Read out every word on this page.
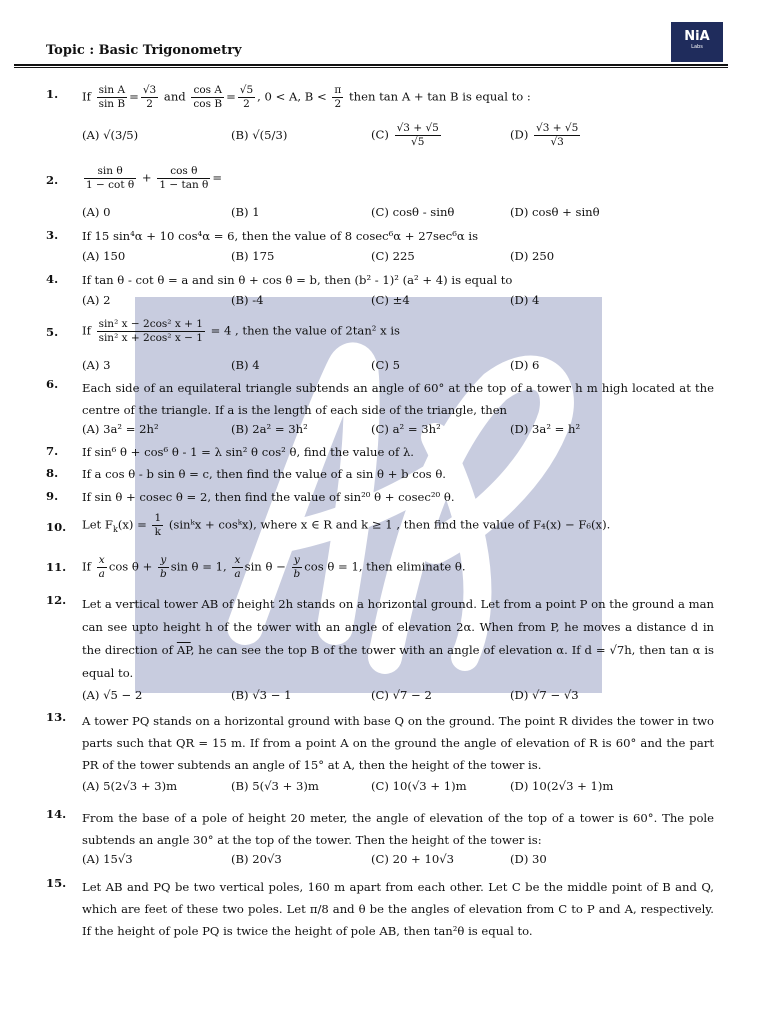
Topic : Basic Trigonometry
NiA
Labs
1.	If $\frac{\text{sin A}}{\text{sin B}} = \frac{√3}{2}$ and $\frac{\text{cos A}}{\text{cos B}} = \frac{√5}{2}$ , 0 < A, $B < \frac{\pi}{2}$ then tan A + tan B is equal to :
(A) √(3/5)	(B) √(5/3)	$(C) \frac{√3 + √5}{√5}$	$(D) \frac{√3 + √5}{√3}$
2.	$\frac{\text{sin θ}}{\text{1 − cot θ}} + \frac{\text{cos θ}}{\text{1 − tan θ}}$ =
(A) 0	(B) 1	(C) cosθ - sinθ	(D) cosθ + sinθ
3.	If 15 sin⁴α + 10 cos⁴α = 6, then the value of 8 cosec⁶α + 27sec⁶α is
(A) 150	(B) 175	(C) 225	(D) 250
4.	If tan θ - cot θ = a and sin θ + cos θ = b, then (b² - 1)² (a² + 4) is equal to
(A) 2	(B) -4	(C) ±4	(D) 4
5.	If $\frac{\text{sin² x − 2cos² x + 1}}{\text{sin² x + 2cos² x − 1}} = 4$ , then the value of 2tan² x is
(A) 3	(B) 4	(C) 5	(D) 6
6.	Each side of an equilateral triangle subtends an angle of 60° at the top of a tower h m high located at the centre of the triangle. If a is the length of each side of the triangle, then
(A) 3a² = 2h²	(B) 2a² = 3h²	(C) a² = 3h²	(D) 3a² = h²
7.	If sin⁶ θ + cos⁶ θ - 1 = λ sin² θ cos² θ, find the value of λ.
8.	If a cos θ - b sin θ = c, then find the value of a sin θ + b cos θ.
9.	If sin θ + cosec θ = 2, then find the value of sin²⁰ θ + cosec²⁰ θ.
10.	Let $F_k(x) = \frac{1}{k}$ (sinᵏx + cosᵏx), where x ∈ R and k ≥ 1 , then find the value of F₄(x) − F₆(x).
11.	If $\frac{x}{a}$ $\cos \theta + \frac{y}{b}$ sin θ = 1, $\frac{x}{a}$ $\sin \theta - \frac{y}{b}$ cos θ = 1, then eliminate θ.
12.	Let a vertical tower AB of height 2h stands on a horizontal ground. Let from a point P on the ground a man can see upto height h of the tower with an angle of elevation 2α. When from P, he moves a distance d in the direction of $\overline{AP}$, he can see the top B of the tower with an angle of elevation α. If d = √7h, then tan α is equal to.
(A) √5 − 2	(B) √3 − 1	(C) √7 − 2	(D) √7 − √3
13.	A tower PQ stands on a horizontal ground with base Q on the ground. The point R divides the tower in two parts such that QR = 15 m. If from a point A on the ground the angle of elevation of R is 60° and the part PR of the tower subtends an angle of 15° at A, then the height of the tower is.
(A) 5(2√3 + 3)m	(B) 5(√3 + 3)m	(C) 10(√3 + 1)m	(D) 10(2√3 + 1)m
14.	From the base of a pole of height 20 meter, the angle of elevation of the top of a tower is 60°. The pole subtends an angle 30° at the top of the tower. Then the height of the tower is:
(A) 15√3	(B) 20√3	(C) 20 + 10√3	(D) 30
15.	Let AB and PQ be two vertical poles, 160 m apart from each other. Let C be the middle point of B and Q, which are feet of these two poles. Let π/8 and θ be the angles of elevation from C to P and A, respectively. If the height of pole PQ is twice the height of pole AB, then tan²θ is equal to.
